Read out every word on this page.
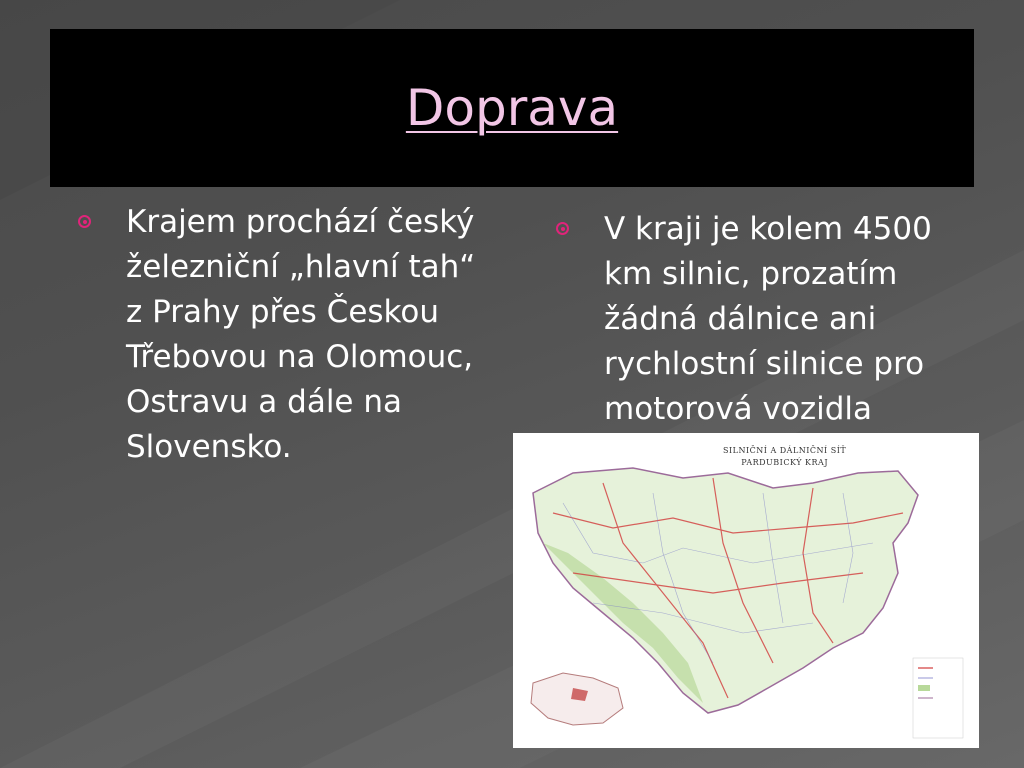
Doprava
Krajem prochází český železniční „hlavní tah“ z Prahy přes Českou Třebovou na Olomouc, Ostravu a dále na Slovensko.
V kraji je kolem 4500 km silnic, prozatím žádná dálnice ani rychlostní silnice pro motorová vozidla
SILNIČNÍ A DÁLNIČNÍ SÍŤ
PARDUBICKÝ KRAJ
